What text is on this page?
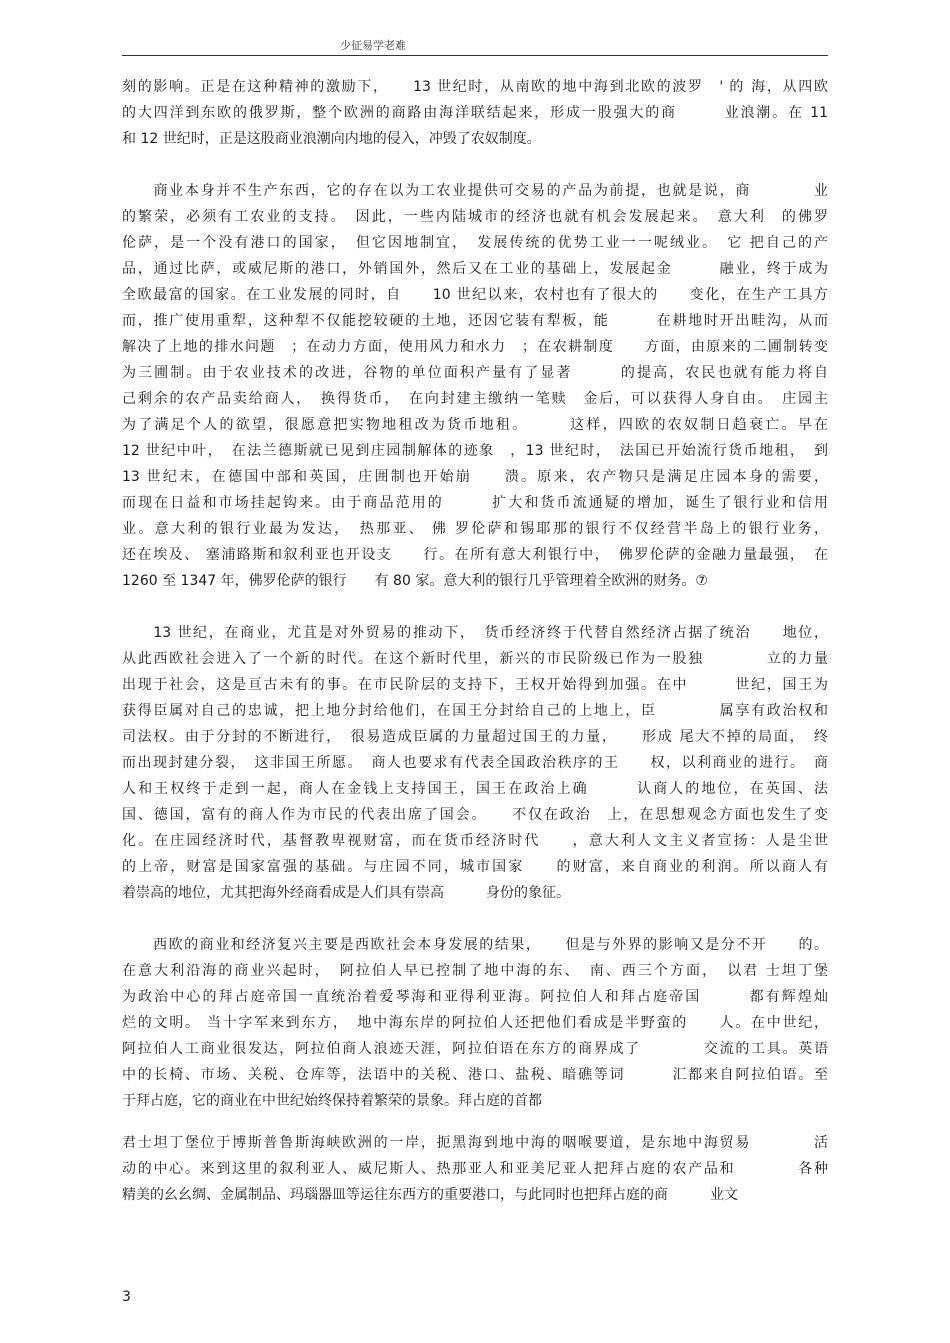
少征易学老难
刻的影响。正是在这种精神的激励下，　　13 世纪时，从南欧的地中海到北欧的波罗　' 的 海，从四欧
的大四洋到东欧的俄罗斯，整个欧洲的商路由海洋联结起来，形成一股强大的商　　　业浪潮。在 11
和 12 世纪时，正是这股商业浪潮向内地的侵入，冲毁了农奴制度。
　　商业本身并不生产东西，它的存在以为工农业提供可交易的产品为前提，也就是说，商　　　　业
的繁荣，必须有工农业的支持。　因此，一些内陆城市的经济也就有机会发展起来。　意大利　的佛罗
伦萨，是一个没有港口的国家，　但它因地制宜，　发展传统的优势工业一一呢绒业。　它 把自己的产
品，通过比萨，或威尼斯的港口，外销国外，然后又在工业的基础上，发展起金　　　融业，终于成为
全欧最富的国家。在工业发展的同时，自　　10 世纪以来，农村也有了很大的　　变化，在生产工具方
而，推广使用重犁，这种犁不仅能挖较硬的土地，还因它装有犁板，能　　　在耕地时开出畦沟，从而
解决了上地的排水问题　；在动力方面，使用风力和水力　；在农耕制度　　方面，由原来的二圃制转变
为三圃制。由于农业技术的改进，谷物的单位面积产量有了显著　　　的提高，农民也就有能力将自
己剩余的农产品卖给商人，　换得货币，　在向封建主缴纳一笔赎　金后，可以获得人身自由。　庄园主
为了满足个人的欲望，很愿意把实物地租改为货币地租。　　　这样，四欧的农奴制日趋衰亡。早在
12 世纪中叶，　在法兰德斯就已见到庄园制解体的迹象　，13 世纪时，　法国已开始流行货币地租，　到
13 世纪末，在德国中部和英国，庄囲制也开始崩　　溃。原来，农产物只是满足庄园本身的需要，
而现在日益和市场挂起钩来。由于商品范用的　　　扩大和货币流通疑的增加，诞生了银行业和信用
业。意大利的银行业最为发达，　热那亚、 佛 罗伦萨和锡耶那的银行不仅经营半岛上的银行业务，
还在埃及、 塞浦路斯和叙利亚也开设支　　行。在所有意大利银行中，　佛罗伦萨的金融力量最强，　在
1260 至 1347 年，佛罗伦萨的银行　　有 80 家。意大利的银行几乎管理着全欧洲的财务。⑦
　　13 世纪，在商业，尤苴是对外贸易的推动下，　货币经济终于代替自然经济占据了统治　　地位，
从此西欧社会进入了一个新的时代。在这个新时代里，新兴的市民阶级已作为一股独　　　　立的力量
出现于社会，这是亘古未有的事。在市民阶层的支持下，王权开始得到加强。在中　　　世纪，国王为
获得臣属对自己的忠诚，把上地分封给他们，在国王分封给自己的上地上，臣　　　　属享有政治权和
司法权。由于分封的不断进行，　很易造成臣属的力量超过国王的力量，　　形成 尾大不掉的局面，　终
而出现封建分裂，　这非国王所愿。　商人也要求有代表全国政治秩序的王　　权，以利商业的进行。　商
人和王权终于走到一起，商人在金钱上支持国王，国王在政治上确　　　认商人的地位，在英国、法
国、德国，富有的商人作为市民的代表出席了国会。　　不仅在政治　上，在思想观念方面也发生了变
化。在庄园经济时代，基督教卑视财富，而在货币经济时代　　，意大利人文主义者宣扬：人是尘世
的上帝，财富是国家富强的基础。与庄园不同，城市国家　　的财富，来自商业的利润。所以商人有
着崇高的地位，尤其把海外经商看成是人们具有崇高　　　身份的象征。
　　西欧的商业和经济复兴主要是西欧社会本身发展的结果，　　但是与外界的影响又是分不开　　的。
在意大利沿海的商业兴起时，　阿拉伯人早已控制了地中海的东、　南、西三个方面，　以君 士坦丁堡
为政治中心的拜占庭帝国一直统治着爱琴海和亚得利亚海。阿拉伯人和拜占庭帝国　　　都有辉煌灿
烂的文明。 当十字军来到东方，　地中海东岸的阿拉伯人还把他们看成是半野蛮的　　人。在中世纪，
阿拉伯人工商业很发达，阿拉伯商人浪迹天涯，阿拉伯语在东方的商界成了　　　　交流的工具。英语
中的长椅、市场、关税、仓库等，法语中的关税、港口、盐税、暗礁等词　　　汇都来自阿拉伯语。至
于拜占庭，它的商业在中世纪始终保持着繁荣的景象。拜占庭的首都
君士坦丁堡位于博斯普鲁斯海峡欧洲的一岸，扼黑海到地中海的咽喉要道，是东地中海贸易　　　　活
动的中心。来到这里的叙利亚人、威尼斯人、热那亚人和亚美尼亚人把拜占庭的农产品和　　　　各种
精美的幺幺绸、金属制品、玛瑙器皿等运往东西方的重要港口，与此同时也把拜占庭的商　　　业文
3
